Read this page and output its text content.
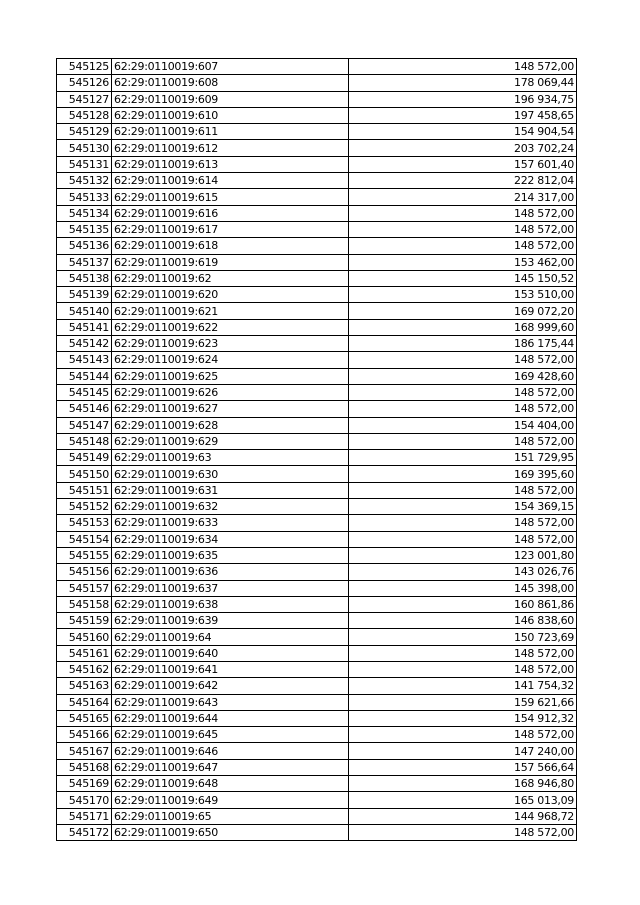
545125	62:29:0110019:607	148 572,00
545126	62:29:0110019:608	178 069,44
545127	62:29:0110019:609	196 934,75
545128	62:29:0110019:610	197 458,65
545129	62:29:0110019:611	154 904,54
545130	62:29:0110019:612	203 702,24
545131	62:29:0110019:613	157 601,40
545132	62:29:0110019:614	222 812,04
545133	62:29:0110019:615	214 317,00
545134	62:29:0110019:616	148 572,00
545135	62:29:0110019:617	148 572,00
545136	62:29:0110019:618	148 572,00
545137	62:29:0110019:619	153 462,00
545138	62:29:0110019:62	145 150,52
545139	62:29:0110019:620	153 510,00
545140	62:29:0110019:621	169 072,20
545141	62:29:0110019:622	168 999,60
545142	62:29:0110019:623	186 175,44
545143	62:29:0110019:624	148 572,00
545144	62:29:0110019:625	169 428,60
545145	62:29:0110019:626	148 572,00
545146	62:29:0110019:627	148 572,00
545147	62:29:0110019:628	154 404,00
545148	62:29:0110019:629	148 572,00
545149	62:29:0110019:63	151 729,95
545150	62:29:0110019:630	169 395,60
545151	62:29:0110019:631	148 572,00
545152	62:29:0110019:632	154 369,15
545153	62:29:0110019:633	148 572,00
545154	62:29:0110019:634	148 572,00
545155	62:29:0110019:635	123 001,80
545156	62:29:0110019:636	143 026,76
545157	62:29:0110019:637	145 398,00
545158	62:29:0110019:638	160 861,86
545159	62:29:0110019:639	146 838,60
545160	62:29:0110019:64	150 723,69
545161	62:29:0110019:640	148 572,00
545162	62:29:0110019:641	148 572,00
545163	62:29:0110019:642	141 754,32
545164	62:29:0110019:643	159 621,66
545165	62:29:0110019:644	154 912,32
545166	62:29:0110019:645	148 572,00
545167	62:29:0110019:646	147 240,00
545168	62:29:0110019:647	157 566,64
545169	62:29:0110019:648	168 946,80
545170	62:29:0110019:649	165 013,09
545171	62:29:0110019:65	144 968,72
545172	62:29:0110019:650	148 572,00
